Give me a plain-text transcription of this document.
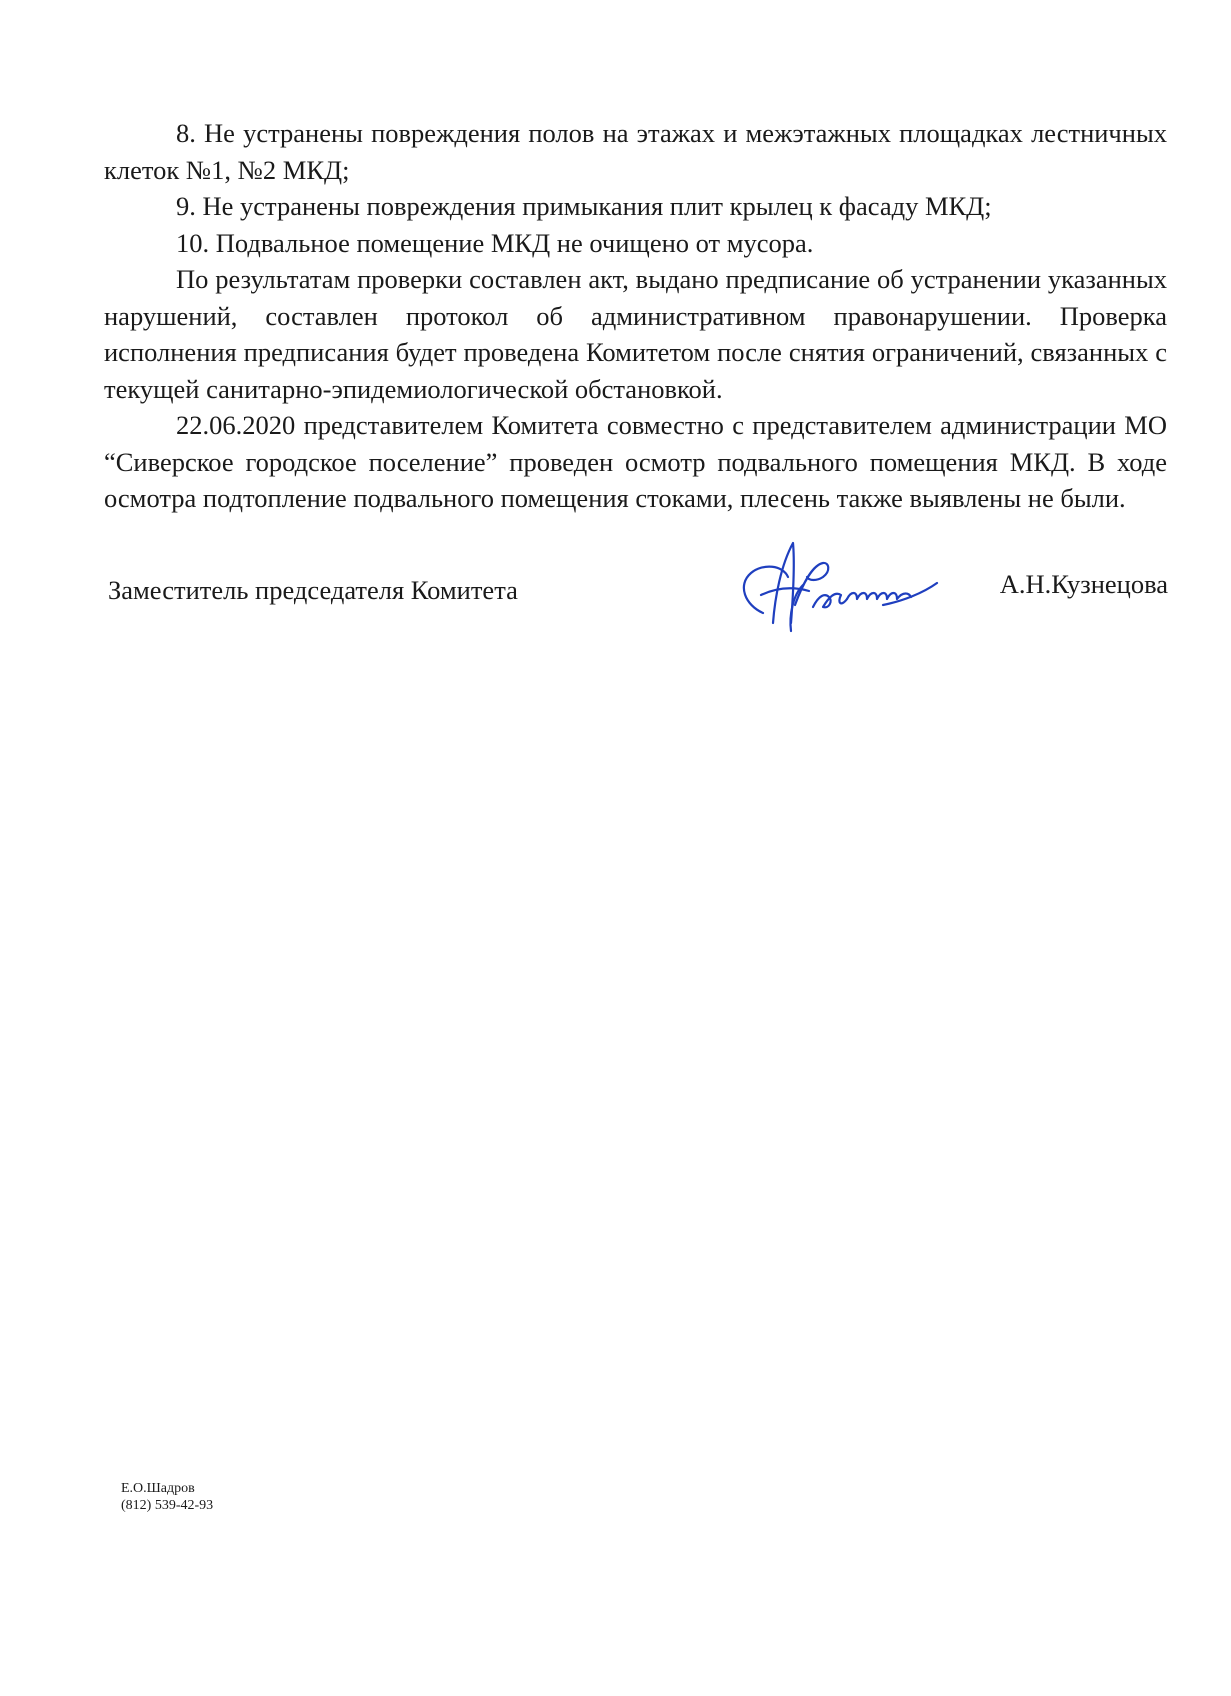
8. Не устранены повреждения полов на этажах и межэтажных площадках лестничных клеток №1, №2 МКД;

9. Не устранены повреждения примыкания плит крылец к фасаду МКД;

10. Подвальное помещение МКД не очищено от мусора.

По результатам проверки составлен акт, выдано предписание об устранении указанных нарушений, составлен протокол об административном правонарушении. Проверка исполнения предписания будет проведена Комитетом после снятия ограничений, связанных с текущей санитарно-эпидемиологической обстановкой.

22.06.2020 представителем Комитета совместно с представителем администрации МО “Сиверское городское поселение” проведен осмотр подвального помещения МКД. В ходе осмотра подтопление подвального помещения стоками, плесень также выявлены не были.

Заместитель председателя Комитета	А.Н.Кузнецова
Е.О.Шадров
(812) 539-42-93
